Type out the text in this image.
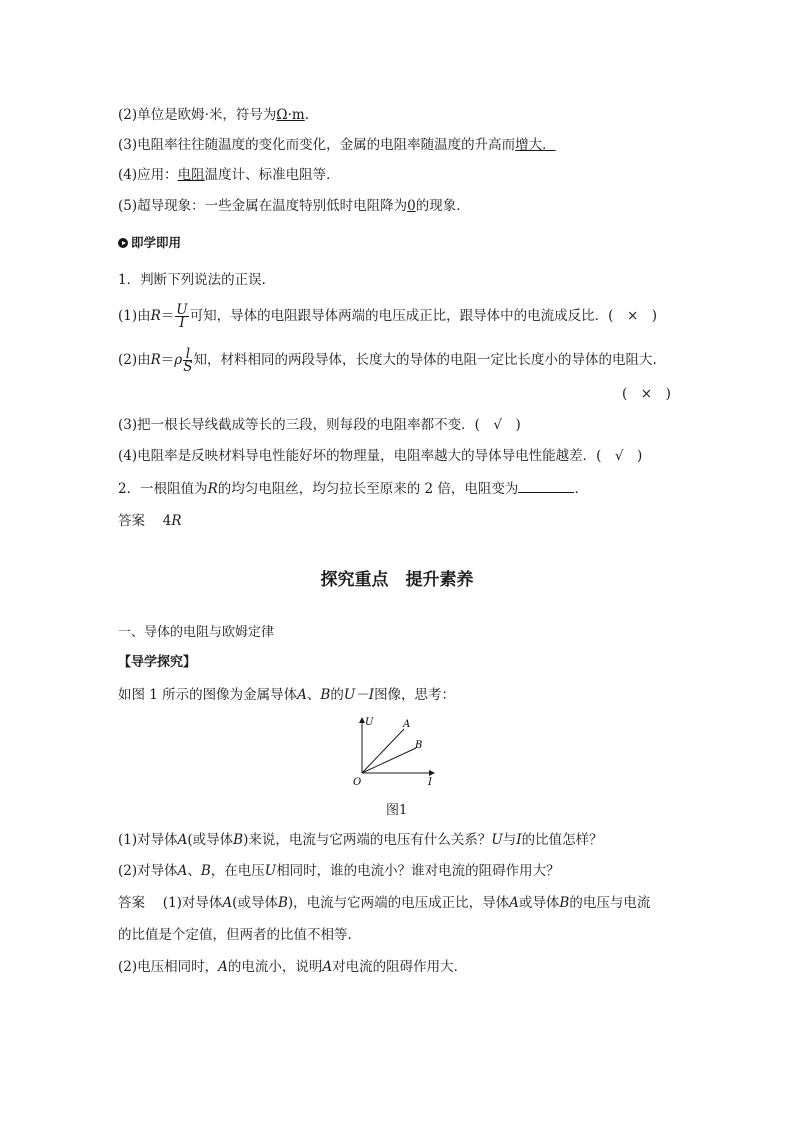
(2)单位是欧姆·米，符号为Ω·m.
(3)电阻率往往随温度的变化而变化，金属的电阻率随温度的升高而增大．
(4)应用：电阻温度计、标准电阻等．
(5)超导现象：一些金属在温度特别低时电阻降为0的现象．
即学即用
1．判断下列说法的正误．
(1)由$R= \frac{U}{I}$ 可知，导体的电阻跟导体两端的电压成正比，跟导体中的电流成反比．(　×　)
(2)由$R=\rho \frac{l}{S}$ 知，材料相同的两段导体，长度大的导体的电阻一定比长度小的导体的电阻大.
(　×　)
(3)把一根长导线截成等长的三段，则每段的电阻率都不变．(　√　)
(4)电阻率是反映材料导电性能好坏的物理量，电阻率越大的导体导电性能越差．(　√　)
2．一根阻值为R的均匀电阻丝，均匀拉长至原来的 2 倍，电阻变为	．
答案　 4R
探究重点　提升素养
一、导体的电阻与欧姆定律
【导学探究】
如图 1 所示的图像为金属导体A、B的U－I图像，思考：
U
I
O
A
B
图1
(1)对导体A(或导体B)来说，电流与它两端的电压有什么关系？U与I的比值怎样？
(2)对导体A、B，在电压U相同时，谁的电流小？谁对电流的阻碍作用大？
答案　 (1)对导体A(或导体B)，电流与它两端的电压成正比，导体A或导体B的电压与电流
的比值是个定值，但两者的比值不相等．
(2)电压相同时，A的电流小，说明A对电流的阻碍作用大．
